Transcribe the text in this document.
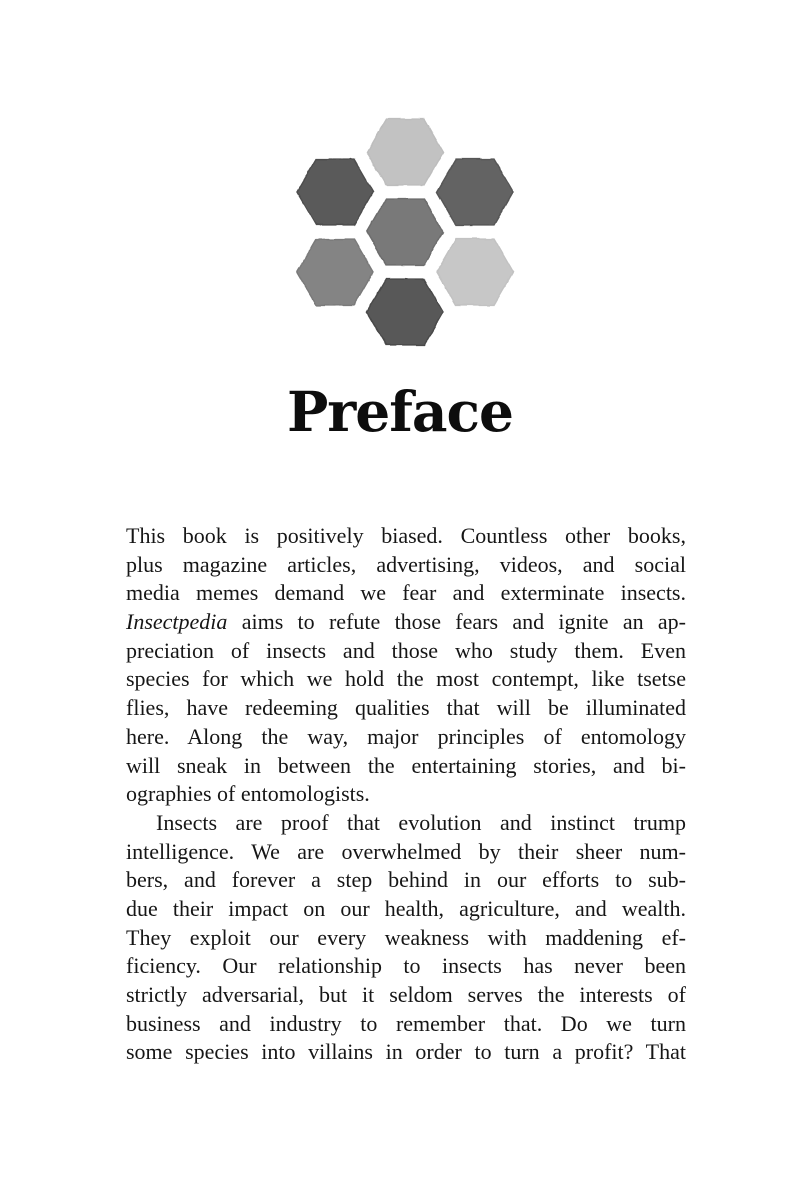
Preface
This book is positively biased. Countless other books,
plus magazine articles, advertising, videos, and social
media memes demand we fear and exterminate insects.
Insectpedia aims to refute those fears and ignite an ap-
preciation of insects and those who study them. Even
species for which we hold the most contempt, like tsetse
flies, have redeeming qualities that will be illuminated
here. Along the way, major principles of entomology
will sneak in between the entertaining stories, and bi-
ographies of entomologists.
Insects are proof that evolution and instinct trump
intelligence. We are overwhelmed by their sheer num-
bers, and forever a step behind in our efforts to sub-
due their impact on our health, agriculture, and wealth.
They exploit our every weakness with maddening ef-
ficiency. Our relationship to insects has never been
strictly adversarial, but it seldom serves the interests of
business and industry to remember that. Do we turn
some species into villains in order to turn a profit? That
